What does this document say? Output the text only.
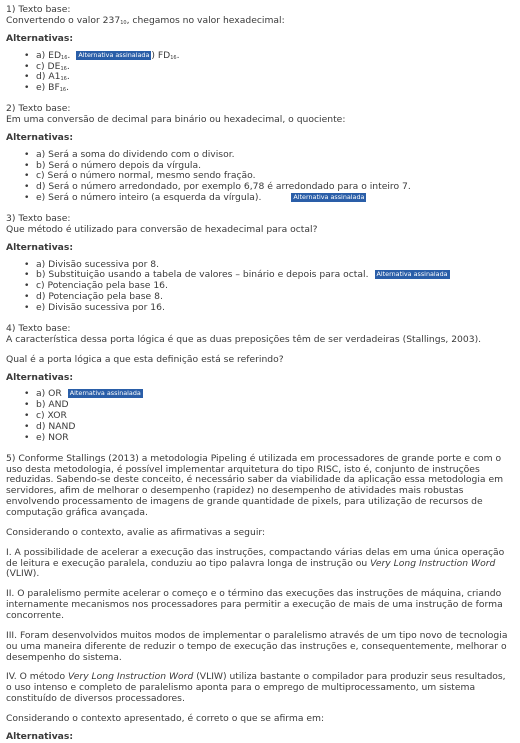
1) Texto base:

Convertendo o valor $237_{10}$, chegamos no valor hexadecimal:

Alternativas:

• a) $ED_{16}$. Alternativa assinalada ) $FD_{16}$.
• c) $DE_{16}$.
• d) $A1_{16}$.
• e) $BF_{16}$.

2) Texto base:

Em uma conversão de decimal para binário ou hexadecimal, o quociente:

Alternativas:

• a) Será a soma do dividendo com o divisor.
• b) Será o número depois da vírgula.
• c) Será o número normal, mesmo sendo fração.
• d) Será o número arredondado, por exemplo 6,78 é arredondado para o inteiro 7.
• e) Será o número inteiro (a esquerda da vírgula).	Alternativa assinalada

3) Texto base:

Que método é utilizado para conversão de hexadecimal para octal?

Alternativas:

• a) Divisão sucessiva por 8.
• b) Substituição usando a tabela de valores – binário e depois para octal. Alternativa assinalada
• c) Potenciação pela base 16.
• d) Potenciação pela base 8.
• e) Divisão sucessiva por 16.

4) Texto base:

A característica dessa porta lógica é que as duas preposições têm de ser verdadeiras (Stallings, 2003).

Qual é a porta lógica a que esta definição está se referindo?

Alternativas:

• a) OR Alternativa assinalada
• b) AND
• c) XOR
• d) NAND
• e) NOR

5) Conforme Stallings (2013) a metodologia Pipeling é utilizada em processadores de grande porte e com o uso desta metodologia, é possível implementar arquitetura do tipo RISC, isto é, conjunto de instruções reduzidas. Sabendo-se deste conceito, é necessário saber da viabilidade da aplicação essa metodologia em servidores, afim de melhorar o desempenho (rapidez) no desempenho de atividades mais robustas envolvendo processamento de imagens de grande quantidade de pixels, para utilização de recursos de computação gráfica avançada.

Considerando o contexto, avalie as afirmativas a seguir:

I. A possibilidade de acelerar a execução das instruções, compactando várias delas em uma única operação de leitura e execução paralela, conduziu ao tipo palavra longa de instrução ou Very Long Instruction Word (VLIW).

II. O paralelismo permite acelerar o começo e o término das execuções das instruções de máquina, criando internamente mecanismos nos processadores para permitir a execução de mais de uma instrução de forma concorrente.

III. Foram desenvolvidos muitos modos de implementar o paralelismo através de um tipo novo de tecnologia ou uma maneira diferente de reduzir o tempo de execução das instruções e, consequentemente, melhorar o desempenho do sistema.

IV. O método Very Long Instruction Word (VLIW) utiliza bastante o compilador para produzir seus resultados, o uso intenso e completo de paralelismo aponta para o emprego de multiprocessamento, um sistema constituído de diversos processadores.

Considerando o contexto apresentado, é correto o que se afirma em:

Alternativas:
